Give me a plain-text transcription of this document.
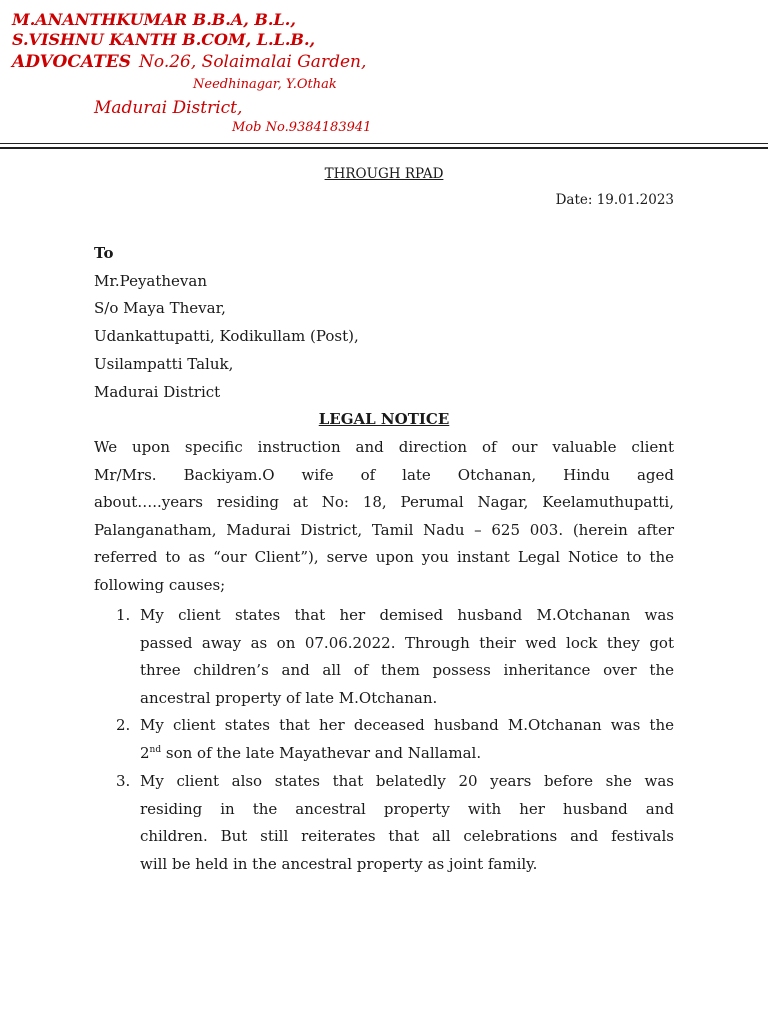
M.ANANTHKUMAR B.B.A, B.L.,
S.VISHNU KANTH B.COM, L.L.B.,
ADVOCATES No.26, Solaimalai Garden,
Needhinagar, Y.Othak
Madurai District,
Mob No.9384183941
THROUGH RPAD
Date: 19.01.2023
To
Mr.Peyathevan
S/o Maya Thevar,
Udankattupatti, Kodikullam (Post),
Usilampatti Taluk,
Madurai District
LEGAL NOTICE
We upon specific instruction and direction of our valuable client
Mr/Mrs. Backiyam.O wife of late Otchanan, Hindu aged
about…..years residing at No: 18, Perumal Nagar, Keelamuthupatti,
Palanganatham, Madurai District, Tamil Nadu – 625 003. (herein after
referred to as “our Client”), serve upon you instant Legal Notice to the
following causes;
1. My client states that her demised husband M.Otchanan was
passed away as on 07.06.2022. Through their wed lock they got
three children’s and all of them possess inheritance over the
ancestral property of late M.Otchanan.
2. My client states that her deceased husband M.Otchanan was the
2nd son of the late Mayathevar and Nallamal.
3. My client also states that belatedly 20 years before she was
residing in the ancestral property with her husband and
children. But still reiterates that all celebrations and festivals
will be held in the ancestral property as joint family.
